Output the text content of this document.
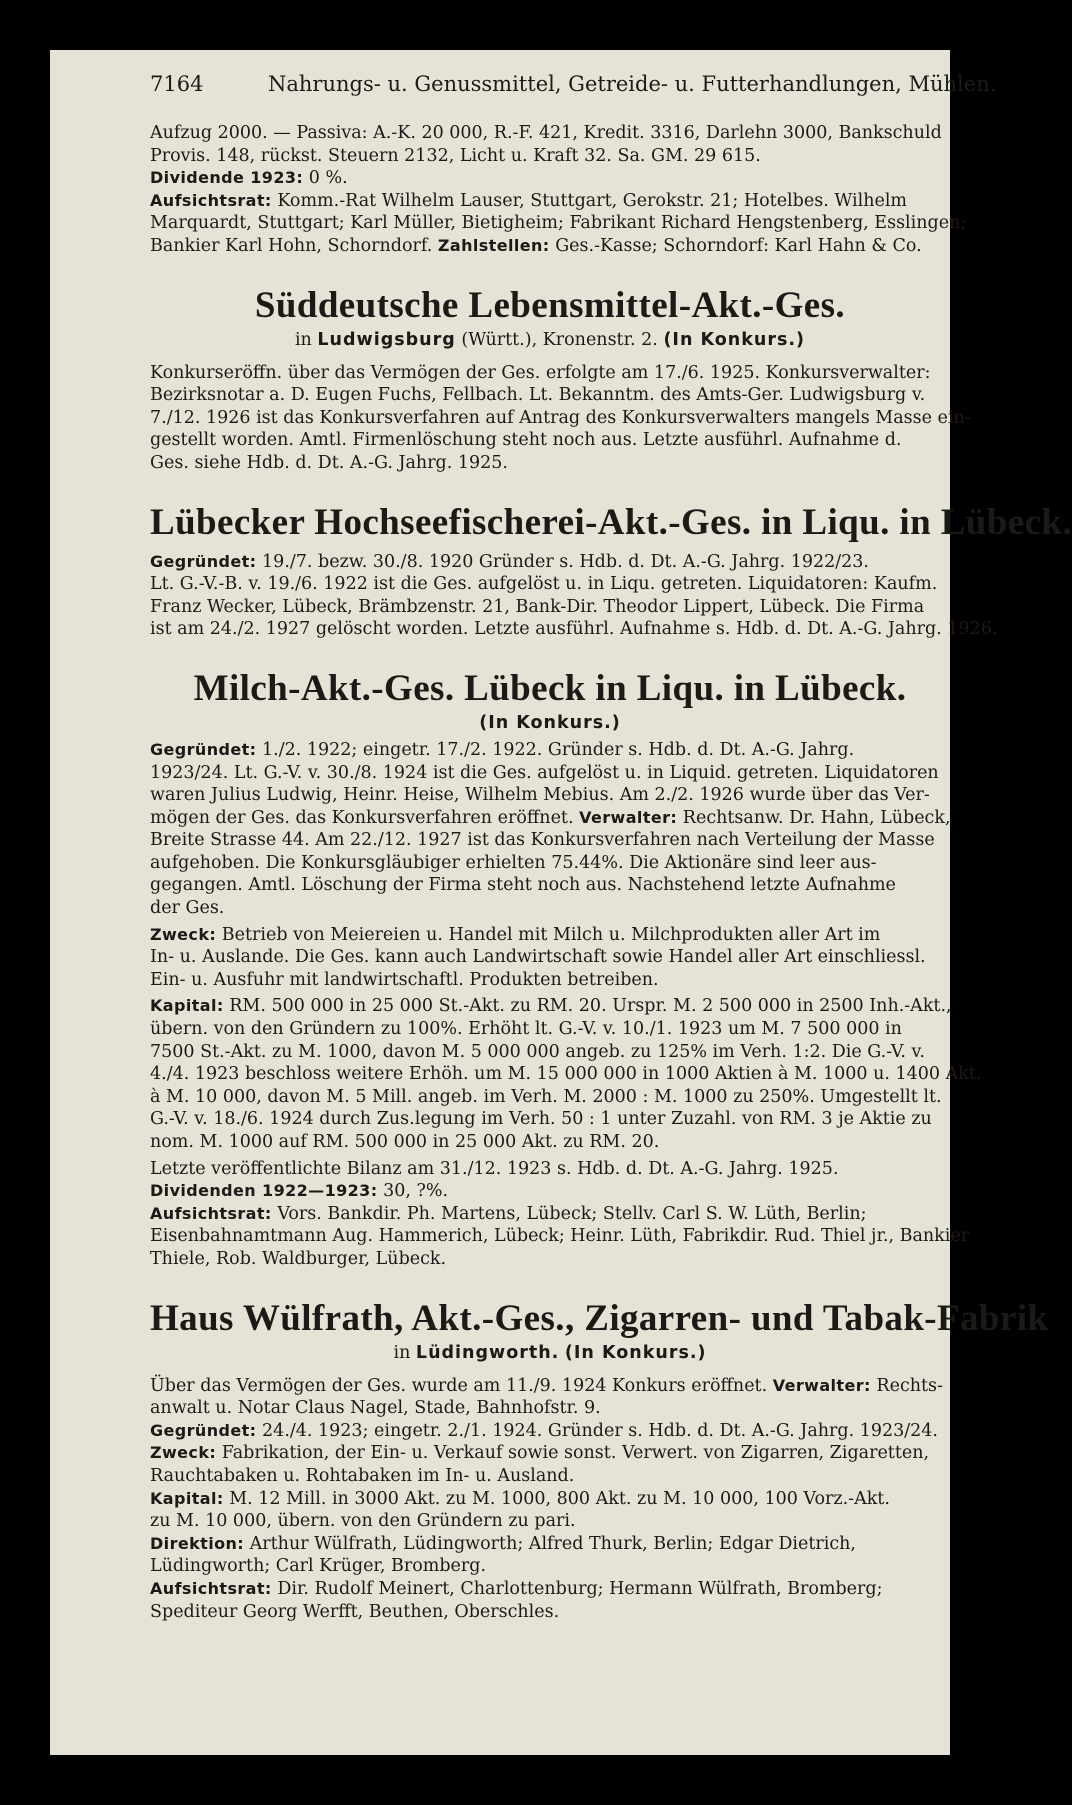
7164	Nahrungs- u. Genussmittel, Getreide- u. Futterhandlungen, Mühlen.

Aufzug 2000. — Passiva: A.-K. 20 000, R.-F. 421, Kredit. 3316, Darlehn 3000, Bankschuld

Provis. 148, rückst. Steuern 2132, Licht u. Kraft 32. Sa. GM. 29 615.

Dividende 1923: 0 %.

Aufsichtsrat: Komm.-Rat Wilhelm Lauser, Stuttgart, Gerokstr. 21; Hotelbes. Wilhelm

Marquardt, Stuttgart; Karl Müller, Bietigheim; Fabrikant Richard Hengstenberg, Esslingen;

Bankier Karl Hohn, Schorndorf. Zahlstellen: Ges.-Kasse; Schorndorf: Karl Hahn & Co.

Süddeutsche Lebensmittel-Akt.-Ges.
in Ludwigsburg (Württ.), Kronenstr. 2. (In Konkurs.)

Konkurseröffn. über das Vermögen der Ges. erfolgte am 17./6. 1925. Konkursverwalter:

Bezirksnotar a. D. Eugen Fuchs, Fellbach. Lt. Bekanntm. des Amts-Ger. Ludwigsburg v.

7./12. 1926 ist das Konkursverfahren auf Antrag des Konkursverwalters mangels Masse ein-

gestellt worden. Amtl. Firmenlöschung steht noch aus. Letzte ausführl. Aufnahme d.

Ges. siehe Hdb. d. Dt. A.-G. Jahrg. 1925.

Lübecker Hochseefischerei-Akt.-Ges. in Liqu. in Lübeck.

Gegründet: 19./7. bezw. 30./8. 1920 Gründer s. Hdb. d. Dt. A.-G. Jahrg. 1922/23.

Lt. G.-V.-B. v. 19./6. 1922 ist die Ges. aufgelöst u. in Liqu. getreten. Liquidatoren: Kaufm.

Franz Wecker, Lübeck, Brämbzenstr. 21, Bank-Dir. Theodor Lippert, Lübeck. Die Firma

ist am 24./2. 1927 gelöscht worden. Letzte ausführl. Aufnahme s. Hdb. d. Dt. A.-G. Jahrg. 1926.

Milch-Akt.-Ges. Lübeck in Liqu. in Lübeck.
(In Konkurs.)

Gegründet: 1./2. 1922; eingetr. 17./2. 1922. Gründer s. Hdb. d. Dt. A.-G. Jahrg.

1923/24. Lt. G.-V. v. 30./8. 1924 ist die Ges. aufgelöst u. in Liquid. getreten. Liquidatoren

waren Julius Ludwig, Heinr. Heise, Wilhelm Mebius. Am 2./2. 1926 wurde über das Ver-

mögen der Ges. das Konkursverfahren eröffnet. Verwalter: Rechtsanw. Dr. Hahn, Lübeck,

Breite Strasse 44. Am 22./12. 1927 ist das Konkursverfahren nach Verteilung der Masse

aufgehoben. Die Konkursgläubiger erhielten 75.44%. Die Aktionäre sind leer aus-

gegangen. Amtl. Löschung der Firma steht noch aus. Nachstehend letzte Aufnahme

der Ges.

Zweck: Betrieb von Meiereien u. Handel mit Milch u. Milchprodukten aller Art im

In- u. Auslande. Die Ges. kann auch Landwirtschaft sowie Handel aller Art einschliessl.

Ein- u. Ausfuhr mit landwirtschaftl. Produkten betreiben.

Kapital: RM. 500 000 in 25 000 St.-Akt. zu RM. 20. Urspr. M. 2 500 000 in 2500 Inh.-Akt.,

übern. von den Gründern zu 100%. Erhöht lt. G.-V. v. 10./1. 1923 um M. 7 500 000 in

7500 St.-Akt. zu M. 1000, davon M. 5 000 000 angeb. zu 125% im Verh. 1:2. Die G.-V. v.

4./4. 1923 beschloss weitere Erhöh. um M. 15 000 000 in 1000 Aktien à M. 1000 u. 1400 Akt.

à M. 10 000, davon M. 5 Mill. angeb. im Verh. M. 2000 : M. 1000 zu 250%. Umgestellt lt.

G.-V. v. 18./6. 1924 durch Zus.legung im Verh. 50 : 1 unter Zuzahl. von RM. 3 je Aktie zu

nom. M. 1000 auf RM. 500 000 in 25 000 Akt. zu RM. 20.

Letzte veröffentlichte Bilanz am 31./12. 1923 s. Hdb. d. Dt. A.-G. Jahrg. 1925.

Dividenden 1922—1923: 30, ?%.

Aufsichtsrat: Vors. Bankdir. Ph. Martens, Lübeck; Stellv. Carl S. W. Lüth, Berlin;

Eisenbahnamtmann Aug. Hammerich, Lübeck; Heinr. Lüth, Fabrikdir. Rud. Thiel jr., Bankier

Thiele, Rob. Waldburger, Lübeck.

Haus Wülfrath, Akt.-Ges., Zigarren- und Tabak-Fabrik
in Lüdingworth. (In Konkurs.)

Über das Vermögen der Ges. wurde am 11./9. 1924 Konkurs eröffnet. Verwalter: Rechts-

anwalt u. Notar Claus Nagel, Stade, Bahnhofstr. 9.

Gegründet: 24./4. 1923; eingetr. 2./1. 1924. Gründer s. Hdb. d. Dt. A.-G. Jahrg. 1923/24.

Zweck: Fabrikation, der Ein- u. Verkauf sowie sonst. Verwert. von Zigarren, Zigaretten,

Rauchtabaken u. Rohtabaken im In- u. Ausland.

Kapital: M. 12 Mill. in 3000 Akt. zu M. 1000, 800 Akt. zu M. 10 000, 100 Vorz.-Akt.

zu M. 10 000, übern. von den Gründern zu pari.

Direktion: Arthur Wülfrath, Lüdingworth; Alfred Thurk, Berlin; Edgar Dietrich,

Lüdingworth; Carl Krüger, Bromberg.

Aufsichtsrat: Dir. Rudolf Meinert, Charlottenburg; Hermann Wülfrath, Bromberg;

Spediteur Georg Werfft, Beuthen, Oberschles.
